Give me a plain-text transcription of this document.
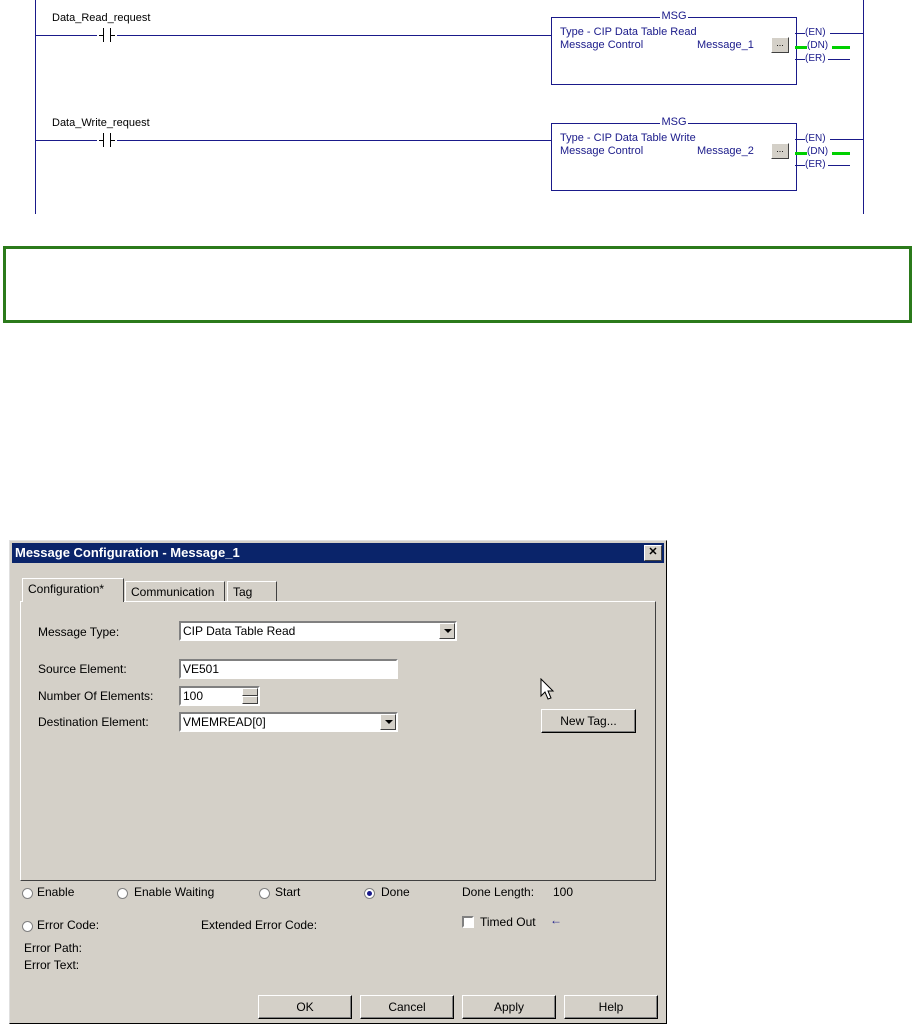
Data_Read_request	MSG
Type - CIP Data Table Read
Message Control	Message_1	...
(EN)
(DN)
(ER)
Data_Write_request	MSG
Type - CIP Data Table Write
Message Control	Message_2	...
(EN)
(DN)
(ER)
Message Configuration - Message_1	✕
Configuration*	Communication	Tag
Message Type:	CIP Data Table Read
Source Element:	VE501
Number Of Elements:	100
Destination Element:	VMEMREAD[0]	New Tag...
Enable	Enable Waiting	Start	Done	Done Length: 100
Error Code:	Extended Error Code:	Timed Out ←
Error Path:
Error Text:
OK	Cancel	Apply	Help
